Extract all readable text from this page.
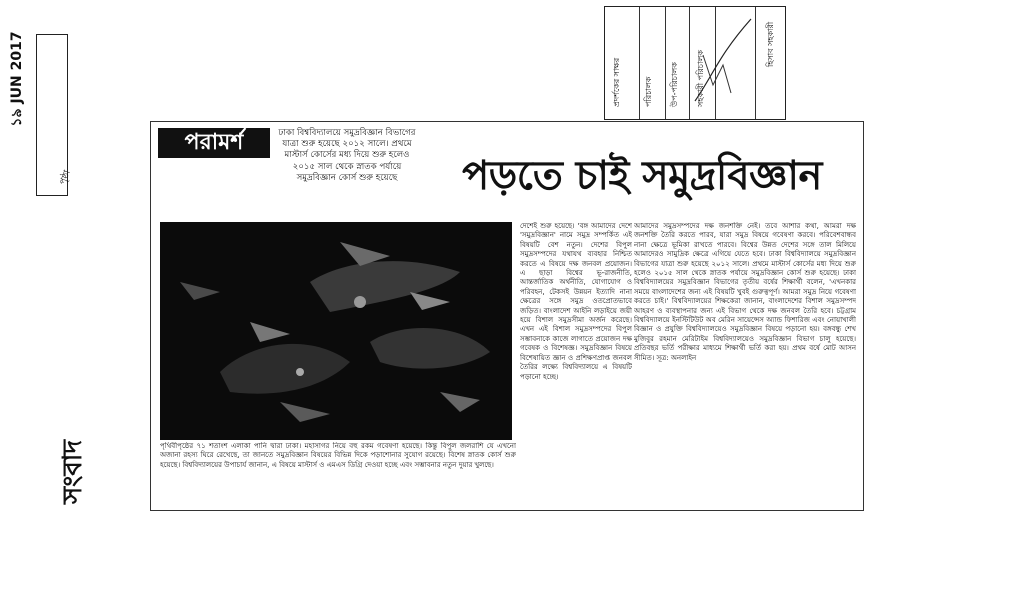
১৯ JUN 2017
পৃষ্ঠা
সংবাদ
প্রদর্শকের সাক্ষর	পরিচালক	উপ-পরিচালক	সহকারী পরিচালক
হিসাব সহকারী
পরামর্শ	ঢাকা বিশ্ববিদ্যালয়ে সমুদ্রবিজ্ঞান বিভাগের যাত্রা শুরু হয়েছে ২০১২ সালে। প্রথমে মাস্টার্স কোর্সের মধ্য দিয়ে শুরু হলেও ২০১৫ সাল থেকে স্নাতক পর্যায়ে সমুদ্রবিজ্ঞান কোর্স শুরু হয়েছে	পড়তে চাই সমুদ্রবিজ্ঞান
দেশেই শুরু হয়েছে। 'বঙ্গ আমাদের দেশে 'সমুদ্রবিজ্ঞান' নামে সমুদ্র সম্পর্কিত এই বিষয়টি বেশ নতুন। দেশের বিপুল সমুদ্রসম্পদের যথাযথ ব্যবহার নিশ্চিত করতে এ বিষয়ে দক্ষ জনবল প্রয়োজন। এ ছাড়া বিশ্বের ভূ-রাজনীতি, আন্তর্জাতিক অর্থনীতি, যোগাযোগ ও পরিবহন, টেকসই উন্নয়ন ইত্যাদি নানা ক্ষেত্রের সঙ্গে সমুদ্র ওতপ্রোতভাবে জড়িত। বাংলাদেশ আইনি লড়াইয়ে জয়ী হয়ে বিশাল সমুদ্রসীমা অর্জন করেছে। এখন এই বিশাল সমুদ্রসম্পদের বিপুল সম্ভাবনাকে কাজে লাগাতে প্রয়োজন দক্ষ গবেষক ও বিশেষজ্ঞ। সমুদ্রবিজ্ঞান বিষয়ে বিশেষায়িত জ্ঞান ও প্রশিক্ষণপ্রাপ্ত জনবল তৈরির লক্ষ্যে বিশ্ববিদ্যালয়ে এ বিষয়টি পড়ানো হচ্ছে।
আমাদের সমুদ্রসম্পদের দক্ষ জনশক্তি নেই। তবে আশার কথা, আমরা দক্ষ জনশক্তি তৈরি করতে পারব, যারা সমুদ্র বিষয়ে গবেষণা করবে। পরিবেশবান্ধব নানা ক্ষেত্রে ভূমিকা রাখতে পারবে। বিশ্বের উন্নত দেশের সঙ্গে তাল মিলিয়ে আমাদেরও সামুদ্রিক ক্ষেত্রে এগিয়ে যেতে হবে। ঢাকা বিশ্ববিদ্যালয়ে সমুদ্রবিজ্ঞান বিভাগের যাত্রা শুরু হয়েছে ২০১২ সালে। প্রথমে মাস্টার্স কোর্সের মধ্য দিয়ে শুরু হলেও ২০১৫ সাল থেকে স্নাতক পর্যায়ে সমুদ্রবিজ্ঞান কোর্স শুরু হয়েছে। ঢাকা বিশ্ববিদ্যালয়ের সমুদ্রবিজ্ঞান বিভাগের তৃতীয় বর্ষের শিক্ষার্থী বলেন, 'এখনকার সময়ে বাংলাদেশের জন্য এই বিষয়টি খুবই গুরুত্বপূর্ণ। আমরা সমুদ্র নিয়ে গবেষণা করতে চাই।' বিশ্ববিদ্যালয়ের শিক্ষকেরা জানান, বাংলাদেশের বিশাল সমুদ্রসম্পদ আহরণ ও ব্যবস্থাপনার জন্য এই বিভাগ থেকে দক্ষ জনবল তৈরি হবে। চট্টগ্রাম বিশ্ববিদ্যালয়ে ইনস্টিটিউট অব মেরিন সায়েন্সেস অ্যান্ড ফিশারিজ এবং নোয়াখালী বিজ্ঞান ও প্রযুক্তি বিশ্ববিদ্যালয়েও সমুদ্রবিজ্ঞান বিষয়ে পড়ানো হয়। বঙ্গবন্ধু শেখ মুজিবুর রহমান মেরিটাইম বিশ্ববিদ্যালয়েও সমুদ্রবিজ্ঞান বিভাগ চালু হয়েছে। প্রতিবছর ভর্তি পরীক্ষার মাধ্যমে শিক্ষার্থী ভর্তি করা হয়। প্রথম বর্ষে মোট আসন সীমিত। সূত্র: অনলাইন
পৃথিবীপৃষ্ঠের ৭১ শতাংশ এলাকা পানি দ্বারা ঢাকা। মহাসাগর নিয়ে বহু রকম গবেষণা হয়েছে। কিন্তু বিপুল জলরাশি যে এখনো অজানা রহস্য ঘিরে রেখেছে, তা জানতে সমুদ্রবিজ্ঞান বিষয়ের বিভিন্ন দিকে পড়াশোনার সুযোগ রয়েছে। বিশেষ স্নাতক কোর্স শুরু হয়েছে। বিশ্ববিদ্যালয়ের উপাচার্য জানান, এ বিষয়ে মাস্টার্স ও এমএস ডিগ্রি দেওয়া হচ্ছে এবং সম্ভাবনার নতুন দুয়ার খুলছে।
